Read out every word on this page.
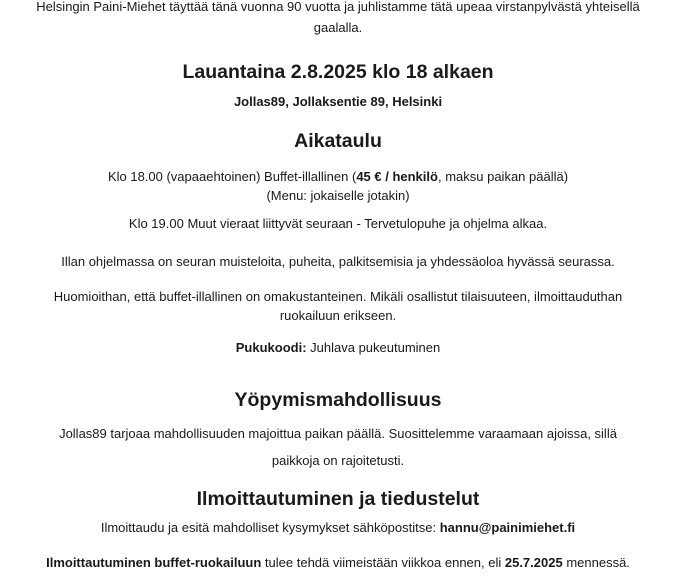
Helsingin Paini-Miehet täyttää tänä vuonna 90 vuotta ja juhlistamme tätä upeaa virstanpylvästä yhteisellä
gaalalla.
Lauantaina 2.8.2025 klo 18 alkaen
Jollas89, Jollaksentie 89, Helsinki
Aikataulu
Klo 18.00 (vapaaehtoinen) Buffet-illallinen (45 € / henkilö, maksu paikan päällä)
(Menu: jokaiselle jotakin)
Klo 19.00 Muut vieraat liittyvät seuraan - Tervetulopuhe ja ohjelma alkaa.
Illan ohjelmassa on seuran muisteloita, puheita, palkitsemisia ja yhdessäoloa hyvässä seurassa.
Huomioithan, että buffet-illallinen on omakustanteinen. Mikäli osallistut tilaisuuteen, ilmoittauduthan
ruokailuun erikseen.
Pukukoodi: Juhlava pukeutuminen
Yöpymismahdollisuus
Jollas89 tarjoaa mahdollisuuden majoittua paikan päällä. Suosittelemme varaamaan ajoissa, sillä
paikkoja on rajoitetusti.
Ilmoittautuminen ja tiedustelut
Ilmoittaudu ja esitä mahdolliset kysymykset sähköpostitse: hannu@painimiehet.fi
Ilmoittautuminen buffet-ruokailuun tulee tehdä viimeistään viikkoa ennen, eli 25.7.2025 mennessä.
